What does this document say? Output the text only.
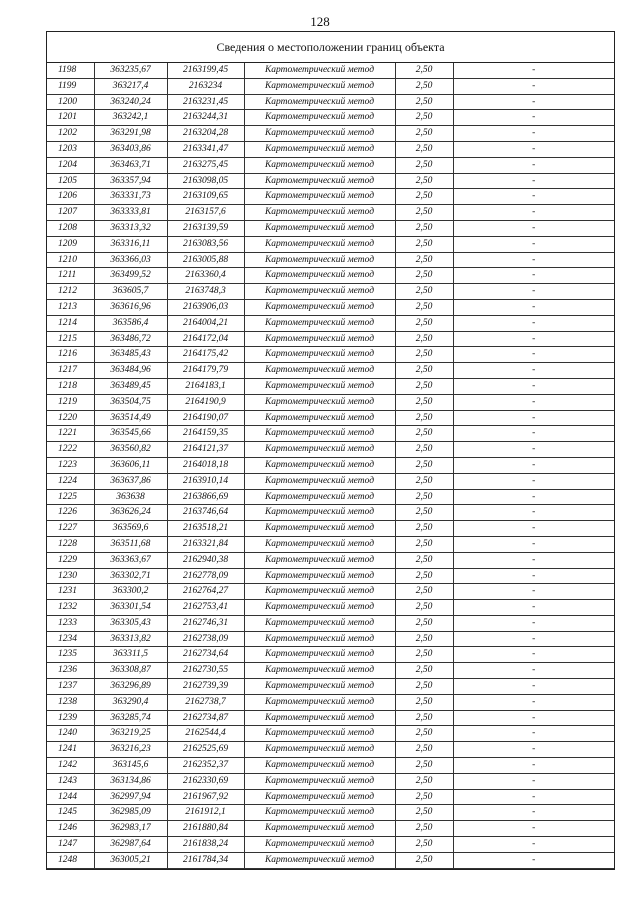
128
Сведения о местоположении границ объекта
1198	363235,67	2163199,45	Картометрический метод	2,50	-
1199	363217,4	2163234	Картометрический метод	2,50	-
1200	363240,24	2163231,45	Картометрический метод	2,50	-
1201	363242,1	2163244,31	Картометрический метод	2,50	-
1202	363291,98	2163204,28	Картометрический метод	2,50	-
1203	363403,86	2163341,47	Картометрический метод	2,50	-
1204	363463,71	2163275,45	Картометрический метод	2,50	-
1205	363357,94	2163098,05	Картометрический метод	2,50	-
1206	363331,73	2163109,65	Картометрический метод	2,50	-
1207	363333,81	2163157,6	Картометрический метод	2,50	-
1208	363313,32	2163139,59	Картометрический метод	2,50	-
1209	363316,11	2163083,56	Картометрический метод	2,50	-
1210	363366,03	2163005,88	Картометрический метод	2,50	-
1211	363499,52	2163360,4	Картометрический метод	2,50	-
1212	363605,7	2163748,3	Картометрический метод	2,50	-
1213	363616,96	2163906,03	Картометрический метод	2,50	-
1214	363586,4	2164004,21	Картометрический метод	2,50	-
1215	363486,72	2164172,04	Картометрический метод	2,50	-
1216	363485,43	2164175,42	Картометрический метод	2,50	-
1217	363484,96	2164179,79	Картометрический метод	2,50	-
1218	363489,45	2164183,1	Картометрический метод	2,50	-
1219	363504,75	2164190,9	Картометрический метод	2,50	-
1220	363514,49	2164190,07	Картометрический метод	2,50	-
1221	363545,66	2164159,35	Картометрический метод	2,50	-
1222	363560,82	2164121,37	Картометрический метод	2,50	-
1223	363606,11	2164018,18	Картометрический метод	2,50	-
1224	363637,86	2163910,14	Картометрический метод	2,50	-
1225	363638	2163866,69	Картометрический метод	2,50	-
1226	363626,24	2163746,64	Картометрический метод	2,50	-
1227	363569,6	2163518,21	Картометрический метод	2,50	-
1228	363511,68	2163321,84	Картометрический метод	2,50	-
1229	363363,67	2162940,38	Картометрический метод	2,50	-
1230	363302,71	2162778,09	Картометрический метод	2,50	-
1231	363300,2	2162764,27	Картометрический метод	2,50	-
1232	363301,54	2162753,41	Картометрический метод	2,50	-
1233	363305,43	2162746,31	Картометрический метод	2,50	-
1234	363313,82	2162738,09	Картометрический метод	2,50	-
1235	363311,5	2162734,64	Картометрический метод	2,50	-
1236	363308,87	2162730,55	Картометрический метод	2,50	-
1237	363296,89	2162739,39	Картометрический метод	2,50	-
1238	363290,4	2162738,7	Картометрический метод	2,50	-
1239	363285,74	2162734,87	Картометрический метод	2,50	-
1240	363219,25	2162544,4	Картометрический метод	2,50	-
1241	363216,23	2162525,69	Картометрический метод	2,50	-
1242	363145,6	2162352,37	Картометрический метод	2,50	-
1243	363134,86	2162330,69	Картометрический метод	2,50	-
1244	362997,94	2161967,92	Картометрический метод	2,50	-
1245	362985,09	2161912,1	Картометрический метод	2,50	-
1246	362983,17	2161880,84	Картометрический метод	2,50	-
1247	362987,64	2161838,24	Картометрический метод	2,50	-
1248	363005,21	2161784,34	Картометрический метод	2,50	-
